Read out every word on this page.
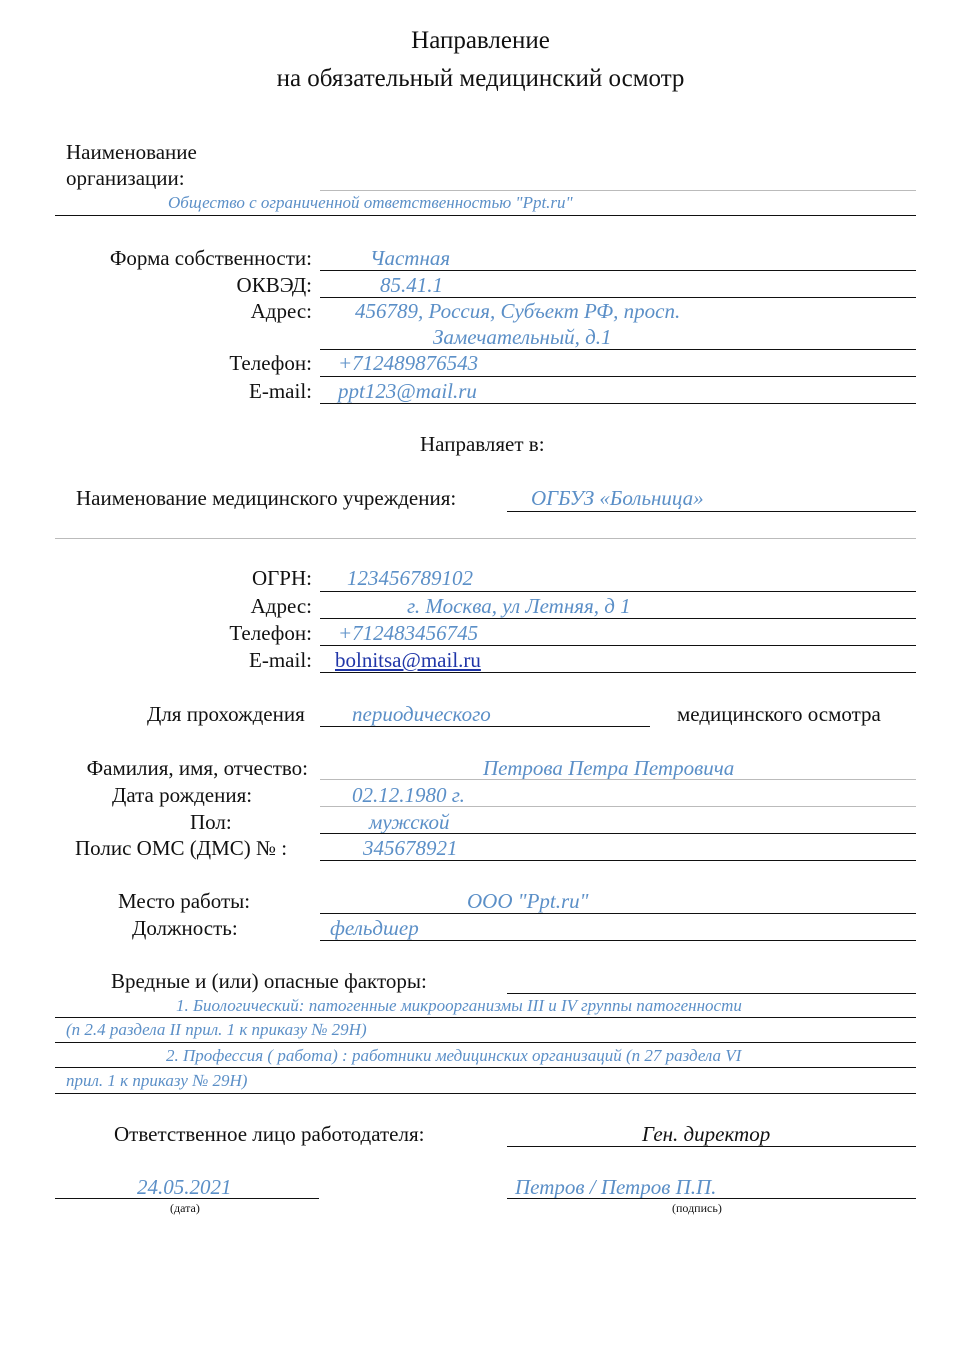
Направление
на обязательный медицинский осмотр
Наименование
организации:
Общество с ограниченной ответственностью "Ppt.ru"
Форма собственности:	Частная
ОКВЭД:	85.41.1
Адрес: 456789, Россия, Субъект РФ, просп.
Замечательный, д.1
Телефон: +712489876543
E-mail: ppt123@mail.ru
Направляет в:
Наименование медицинского учреждения:	ОГБУЗ «Больница»
ОГРН: 123456789102
Адрес:	г. Москва, ул Летняя, д 1
Телефон: +712483456745
E-mail: bolnitsa@mail.ru
Для прохождения периодического	медицинского осмотра
Фамилия, имя, отчество:	Петрова Петра Петровича
Дата рождения:	02.12.1980 г.
Пол:	мужской
Полис ОМС (ДМС) № :	345678921
Место работы:	ООО "Ppt.ru"
Должность:	фельдшер
Вредные и (или) опасные факторы:
1. Биологический: патогенные микроорганизмы III и IV группы патогенности
(п 2.4 раздела II прил. 1 к приказу № 29Н)
2. Профессия ( работа) : работники медицинских организаций (п 27 раздела VI
прил. 1 к приказу № 29Н)
Ответственное лицо работодателя:	Ген. директор
24.05.2021
(дата)
Петров / Петров П.П.
(подпись)
